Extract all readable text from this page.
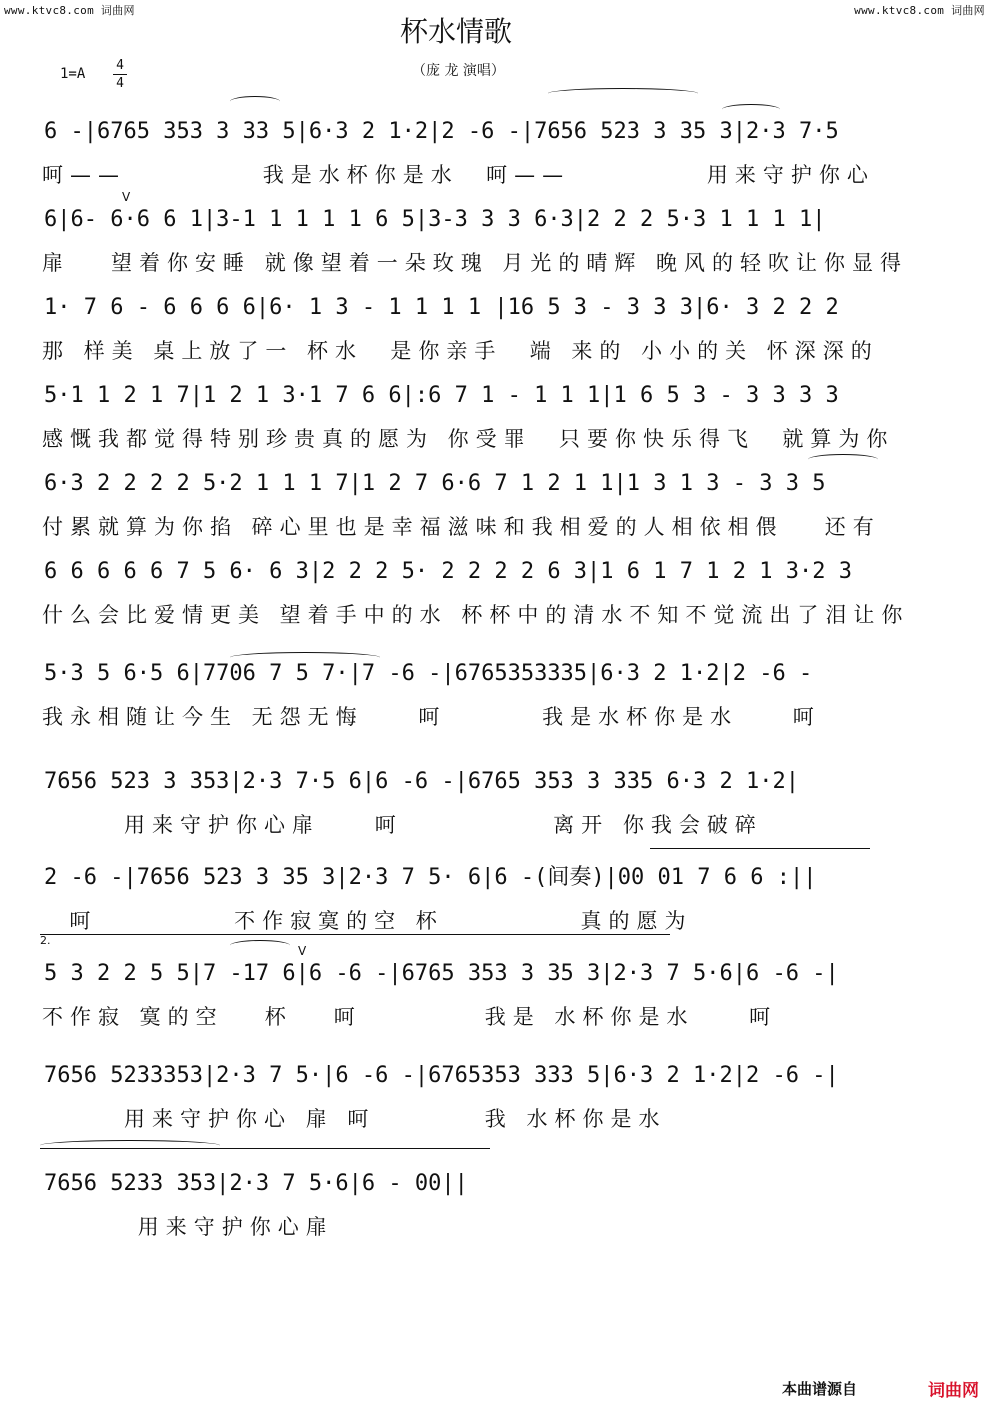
www.ktvc8.com 词曲网	www.ktvc8.com 词曲网
杯水情歌
（庞 龙 演唱）
1=A
4
4
6 -|6765 353 3 33 5|6·3 2 1·2|2 -6 -|7656 523 3 35 3|2·3 7·5
呵——          我是水杯你是水  呵——          用来守护你心
6|6- 6·6 6 1|3-1 1 1 1 1 6 5|3-3 3 3 6·3|2 2 2 5·3 1 1 1 1|
扉   望着你安睡 就像望着一朵玫瑰 月光的晴辉 晚风的轻吹让你显得
1· 7 6 - 6 6 6 6|6· 1 3 - 1 1 1 1 |16 5 3 - 3 3 3|6· 3 2 2 2
那 样美 桌上放了一 杯水  是你亲手  端 来的 小小的关 怀深深的
5·1 1 2 1 7|1 2 1 3·1 7 6 6|:6 7 1 - 1 1 1|1 6 5 3 - 3 3 3 3
感慨我都觉得特别珍贵真的愿为 你受罪  只要你快乐得飞  就算为你
6·3 2 2 2 2 5·2 1 1 1 7|1 2 7 6·6 7 1 2 1 1|1 3 1 3 - 3 3 5
付累就算为你掐 碎心里也是幸福滋味和我相爱的人相依相偎   还有
6 6 6 6 6 7 5 6· 6 3|2 2 2 5· 2 2 2 2 6 3|1 6 1 7 1 2 1 3·2 3
什么会比爱情更美 望着手中的水 杯杯中的清水不知不觉流出了泪让你
5·3 5 6·5 6|7706 7 5 7·|7 -6 -|6765353335|6·3 2 1·2|2 -6 -
我永相随让今生 无怨无悔    呵       我是水杯你是水    呵
7656 523 3 353|2·3 7·5 6|6 -6 -|6765 353 3 335 6·3 2 1·2|
用来守护你心扉    呵           离开 你我会破碎
2 -6 -|7656 523 3 35 3|2·3 7 5· 6|6 -(间奏)|00 01 7 6 6 :||
呵          不作寂寞的空 杯          真的愿为
2.
5 3 2 2 5 5|7 -17 6|6 -6 -|6765 353 3 35 3|2·3 7 5·6|6 -6 -|
不作寂 寞的空   杯   呵         我是 水杯你是水    呵
7656 5233353|2·3 7 5·|6 -6 -|6765353 333 5|6·3 2 1·2|2 -6 -|
用来守护你心 扉 呵        我 水杯你是水
7656 5233 353|2·3 7 5·6|6 - 00||
用来守护你心扉
V
V
本曲谱源自	词曲网
